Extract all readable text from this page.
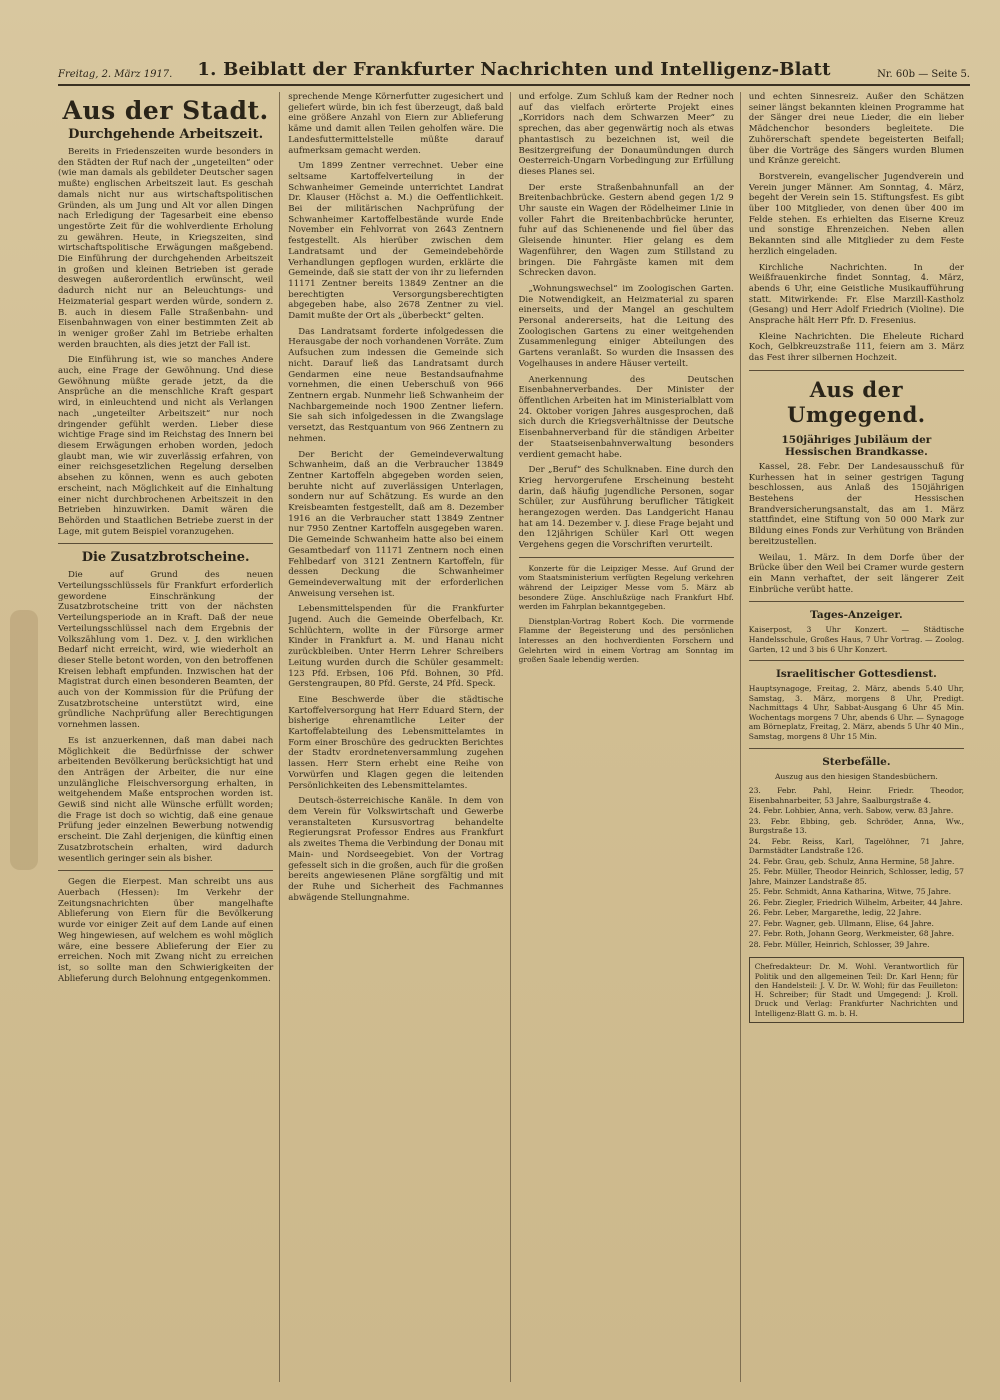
Freitag, 2. März 1917.	1. Beiblatt der Frankfurter Nachrichten und Intelligenz-Blatt	Nr. 60b — Seite 5.
Aus der Stadt.
Durchgehende Arbeitszeit.

Bereits in Friedenszeiten wurde besonders in den Städten der Ruf nach der „ungeteilten“ oder (wie man damals als gebildeter Deutscher sagen mußte) englischen Arbeitszeit laut. Es geschah damals nicht nur aus wirtschaftspolitischen Gründen, als um Jung und Alt vor allen Dingen nach Erledigung der Tagesarbeit eine ebenso ungestörte Zeit für die wohlverdiente Erholung zu gewähren. Heute, in Kriegszeiten, sind wirtschaftspolitische Erwägungen maßgebend. Die Einführung der durchgehenden Arbeitszeit in großen und kleinen Betrieben ist gerade deswegen außerordentlich erwünscht, weil dadurch nicht nur an Beleuchtungs- und Heizmaterial gespart werden würde, sondern z. B. auch in diesem Falle Straßenbahn- und Eisenbahnwagen von einer bestimmten Zeit ab in weniger großer Zahl im Betriebe erhalten werden brauchten, als dies jetzt der Fall ist.

Die Einführung ist, wie so manches Andere auch, eine Frage der Gewöhnung. Und diese Gewöhnung müßte gerade jetzt, da die Ansprüche an die menschliche Kraft gespart wird, in einleuchtend und nicht als Verlangen nach „ungeteilter Arbeitszeit“ nur noch dringender gefühlt werden. Lieber diese wichtige Frage sind im Reichstag des Innern bei diesem Erwägungen erhoben worden, jedoch glaubt man, wie wir zuverlässig erfahren, von einer reichsgesetzlichen Regelung derselben absehen zu können, wenn es auch geboten erscheint, nach Möglichkeit auf die Einhaltung einer nicht durchbrochenen Arbeitszeit in den Betrieben hinzuwirken. Damit wären die Behörden und Staatlichen Betriebe zuerst in der Lage, mit gutem Beispiel voranzugehen.

Die Zusatzbrotscheine.

Die auf Grund des neuen Verteilungsschlüssels für Frankfurt erforderlich gewordene Einschränkung der Zusatzbrotscheine tritt von der nächsten Verteilungsperiode an in Kraft. Daß der neue Verteilungsschlüssel nach dem Ergebnis der Volkszählung vom 1. Dez. v. J. den wirklichen Bedarf nicht erreicht, wird, wie wiederholt an dieser Stelle betont worden, von den betroffenen Kreisen lebhaft empfunden. Inzwischen hat der Magistrat durch einen besonderen Beamten, der auch von der Kommission für die Prüfung der Zusatzbrotscheine unterstützt wird, eine gründliche Nachprüfung aller Berechtigungen vornehmen lassen.

Es ist anzuerkennen, daß man dabei nach Möglichkeit die Bedürfnisse der schwer arbeitenden Bevölkerung berücksichtigt hat und den Anträgen der Arbeiter, die nur eine unzulängliche Fleischversorgung erhalten, in weitgehendem Maße entsprochen worden ist. Gewiß sind nicht alle Wünsche erfüllt worden; die Frage ist doch so wichtig, daß eine genaue Prüfung jeder einzelnen Bewerbung notwendig erscheint. Die Zahl derjenigen, die künftig einen Zusatzbrotschein erhalten, wird dadurch wesentlich geringer sein als bisher.

Gegen die Eierpest. Man schreibt uns aus Auerbach (Hessen): Im Verkehr der Zeitungsnachrichten über mangelhafte Ablieferung von Eiern für die Bevölkerung wurde vor einiger Zeit auf dem Lande auf einen Weg hingewiesen, auf welchem es wohl möglich wäre, eine bessere Ablieferung der Eier zu erreichen. Noch mit Zwang nicht zu erreichen ist, so sollte man den Schwierigkeiten der Ablieferung durch Belohnung entgegenkommen.

sprechende Menge Körnerfutter zugesichert und geliefert würde, bin ich fest überzeugt, daß bald eine größere Anzahl von Eiern zur Ablieferung käme und damit allen Teilen geholfen wäre. Die Landesfuttermittelstelle müßte darauf aufmerksam gemacht werden.

Um 1899 Zentner verrechnet. Ueber eine seltsame Kartoffelverteilung in der Schwanheimer Gemeinde unterrichtet Landrat Dr. Klauser (Höchst a. M.) die Oeffentlichkeit. Bei der militärischen Nachprüfung der Schwanheimer Kartoffelbestände wurde Ende November ein Fehlvorrat von 2643 Zentnern festgestellt. Als hierüber zwischen dem Landratsamt und der Gemeindebehörde Verhandlungen gepflogen wurden, erklärte die Gemeinde, daß sie statt der von ihr zu liefernden 11171 Zentner bereits 13849 Zentner an die berechtigten Versorgungsberechtigten abgegeben habe, also 2678 Zentner zu viel. Damit mußte der Ort als „überbeckt“ gelten.

Das Landratsamt forderte infolgedessen die Herausgabe der noch vorhandenen Vorräte. Zum Aufsuchen zum indessen die Gemeinde sich nicht. Darauf ließ das Landratsamt durch Gendarmen eine neue Bestandsaufnahme vornehmen, die einen Ueberschuß von 966 Zentnern ergab. Nunmehr ließ Schwanheim der Nachbargemeinde noch 1900 Zentner liefern. Sie sah sich infolgedessen in die Zwangslage versetzt, das Restquantum von 966 Zentnern zu nehmen.

Der Bericht der Gemeindeverwaltung Schwanheim, daß an die Verbraucher 13849 Zentner Kartoffeln abgegeben worden seien, beruhte nicht auf zuverlässigen Unterlagen, sondern nur auf Schätzung. Es wurde an den Kreisbeamten festgestellt, daß am 8. Dezember 1916 an die Verbraucher statt 13849 Zentner nur 7950 Zentner Kartoffeln ausgegeben waren. Die Gemeinde Schwanheim hatte also bei einem Gesamtbedarf von 11171 Zentnern noch einen Fehlbedarf von 3121 Zentnern Kartoffeln, für dessen Deckung die Schwanheimer Gemeindeverwaltung mit der erforderlichen Anweisung versehen ist.

Lebensmittelspenden für die Frankfurter Jugend. Auch die Gemeinde Oberfelbach, Kr. Schlüchtern, wollte in der Fürsorge armer Kinder in Frankfurt a. M. und Hanau nicht zurückbleiben. Unter Herrn Lehrer Schreibers Leitung wurden durch die Schüler gesammelt: 123 Pfd. Erbsen, 106 Pfd. Bohnen, 30 Pfd. Gerstengraupen, 80 Pfd. Gerste, 24 Pfd. Speck.

Eine Beschwerde über die städtische Kartoffelversorgung hat Herr Eduard Stern, der bisherige ehrenamtliche Leiter der Kartoffelabteilung des Lebensmittelamtes in Form einer Broschüre des gedruckten Berichtes der Stadtv erordnetenversammlung zugehen lassen. Herr Stern erhebt eine Reihe von Vorwürfen und Klagen gegen die leitenden Persönlichkeiten des Lebensmittelamtes.

Deutsch-österreichische Kanäle. In dem von dem Verein für Volkswirtschaft und Gewerbe veranstalteten Kursusvortrag behandelte Regierungsrat Professor Endres aus Frankfurt als zweites Thema die Verbindung der Donau mit Main- und Nordseegebiet. Von der Vortrag gefesselt sich in die großen, auch für die großen bereits angewiesenen Pläne sorgfältig und mit der Ruhe und Sicherheit des Fachmannes abwägende Stellungnahme.

und erfolge. Zum Schluß kam der Redner noch auf das vielfach erörterte Projekt eines „Korridors nach dem Schwarzen Meer“ zu sprechen, das aber gegenwärtig noch als etwas phantastisch zu bezeichnen ist, weil die Besitzergreifung der Donaumündungen durch Oesterreich-Ungarn Vorbedingung zur Erfüllung dieses Planes sei.

Der erste Straßenbahnunfall an der Breitenbachbrücke. Gestern abend gegen 1/2 9 Uhr sauste ein Wagen der Rödelheimer Linie in voller Fahrt die Breitenbachbrücke herunter, fuhr auf das Schienenende und fiel über das Gleisende hinunter. Hier gelang es dem Wagenführer, den Wagen zum Stillstand zu bringen. Die Fahrgäste kamen mit dem Schrecken davon.

„Wohnungswechsel“ im Zoologischen Garten. Die Notwendigkeit, an Heizmaterial zu sparen einerseits, und der Mangel an geschultem Personal andererseits, hat die Leitung des Zoologischen Gartens zu einer weitgehenden Zusammenlegung einiger Abteilungen des Gartens veranlaßt. So wurden die Insassen des Vogelhauses in andere Häuser verteilt.

Anerkennung des Deutschen Eisenbahnerverbandes. Der Minister der öffentlichen Arbeiten hat im Ministerialblatt vom 24. Oktober vorigen Jahres ausgesprochen, daß sich durch die Kriegsverhältnisse der Deutsche Eisenbahnerverband für die ständigen Arbeiter der Staatseisenbahnverwaltung besonders verdient gemacht habe.

Der „Beruf“ des Schulknaben. Eine durch den Krieg hervorgerufene Erscheinung besteht darin, daß häufig jugendliche Personen, sogar Schüler, zur Ausführung beruflicher Tätigkeit herangezogen werden. Das Landgericht Hanau hat am 14. Dezember v. J. diese Frage bejaht und den 12jährigen Schüler Karl Ott wegen Vergehens gegen die Vorschriften verurteilt.

Konzerte für die Leipziger Messe. Auf Grund der vom Staatsministerium verfügten Regelung verkehren während der Leipziger Messe vom 5. März ab besondere Züge. Anschlußzüge nach Frankfurt Hbf. werden im Fahrplan bekanntgegeben.

Dienstplan-Vortrag Robert Koch. Die vorrmende Flamme der Begeisterung und des persönlichen Interesses an den hochverdienten Forschern und Gelehrten wird in einem Vortrag am Sonntag im großen Saale lebendig werden.

und echten Sinnesreiz. Außer den Schätzen seiner längst bekannten kleinen Programme hat der Sänger drei neue Lieder, die ein lieber Mädchenchor besonders begleitete. Die Zuhörerschaft spendete begeisterten Beifall; über die Vorträge des Sängers wurden Blumen und Kränze gereicht.

Borstverein, evangelischer Jugendverein und Verein junger Männer. Am Sonntag, 4. März, begeht der Verein sein 15. Stiftungsfest. Es gibt über 100 Mitglieder, von denen über 400 im Felde stehen. Es erhielten das Eiserne Kreuz und sonstige Ehrenzeichen. Neben allen Bekannten sind alle Mitglieder zu dem Feste herzlich eingeladen.

Kirchliche Nachrichten. In der Weißfrauenkirche findet Sonntag, 4. März, abends 6 Uhr, eine Geistliche Musikaufführung statt. Mitwirkende: Fr. Else Marzill-Kastholz (Gesang) und Herr Adolf Friedrich (Violine). Die Ansprache hält Herr Pfr. D. Fresenius.

Kleine Nachrichten. Die Eheleute Richard Koch, Gelbkreuzstraße 111, feiern am 3. März das Fest ihrer silbernen Hochzeit.

Aus der Umgegend.
150jähriges Jubiläum der Hessischen Brandkasse.

Kassel, 28. Febr. Der Landesausschuß für Kurhessen hat in seiner gestrigen Tagung beschlossen, aus Anlaß des 150jährigen Bestehens der Hessischen Brandversicherungsanstalt, das am 1. März stattfindet, eine Stiftung von 50 000 Mark zur Bildung eines Fonds zur Verhütung von Bränden bereitzustellen.

Weilau, 1. März. In dem Dorfe über der Brücke über den Weil bei Cramer wurde gestern ein Mann verhaftet, der seit längerer Zeit Einbrüche verübt hatte.

Tages-Anzeiger.

Kaiserpost, 3 Uhr Konzert. — Städtische Handelsschule, Großes Haus, 7 Uhr Vortrag. — Zoolog. Garten, 12 und 3 bis 6 Uhr Konzert.

Israelitischer Gottesdienst.

Hauptsynagoge, Freitag, 2. März, abends 5.40 Uhr, Samstag, 3. März, morgens 8 Uhr, Predigt. Nachmittags 4 Uhr, Sabbat-Ausgang 6 Uhr 45 Min. Wochentags morgens 7 Uhr, abends 6 Uhr. — Synagoge am Börneplatz, Freitag, 2. März, abends 5 Uhr 40 Min., Samstag, morgens 8 Uhr 15 Min.

Sterbefälle.

Auszug aus den hiesigen Standesbüchern.

23. Febr. Pahl, Heinr. Friedr. Theodor, Eisenbahnarbeiter, 53 Jahre, Saalburgstraße 4.
24. Febr. Lohbier, Anna, verh. Sabow, verw. 83 Jahre.
23. Febr. Ebbing, geb. Schröder, Anna, Ww., Burgstraße 13.
24. Febr. Reiss, Karl, Tagelöhner, 71 Jahre, Darmstädter Landstraße 126.
24. Febr. Grau, geb. Schulz, Anna Hermine, 58 Jahre.
25. Febr. Müller, Theodor Heinrich, Schlosser, ledig, 57 Jahre, Mainzer Landstraße 85.
25. Febr. Schmidt, Anna Katharina, Witwe, 75 Jahre.
26. Febr. Ziegler, Friedrich Wilhelm, Arbeiter, 44 Jahre.
26. Febr. Leber, Margarethe, ledig, 22 Jahre.
27. Febr. Wagner, geb. Ullmann, Elise, 64 Jahre.
27. Febr. Roth, Johann Georg, Werkmeister, 68 Jahre.
28. Febr. Müller, Heinrich, Schlosser, 39 Jahre.

Chefredakteur: Dr. M. Wohl. Verantwortlich für Politik und den allgemeinen Teil: Dr. Karl Henn; für den Handelsteil: J. V. Dr. W. Wohl; für das Feuilleton: H. Schreiber; für Stadt und Umgegend: J. Kroll. Druck und Verlag: Frankfurter Nachrichten und Intelligenz-Blatt G. m. b. H.
